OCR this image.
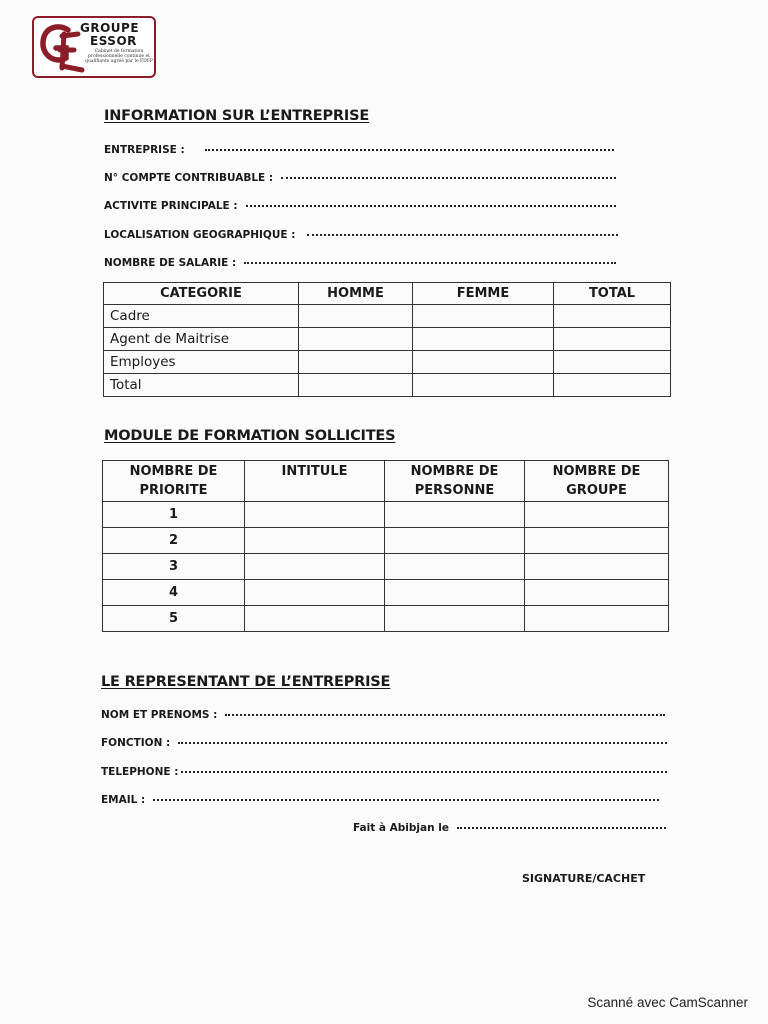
GROUPE
ESSOR
Cabinet de formation professionnelle continue et qualifiante agréé par le FDFP
INFORMATION SUR L’ENTREPRISE
ENTREPRISE :
N° COMPTE CONTRIBUABLE :
ACTIVITE PRINCIPALE :
LOCALISATION GEOGRAPHIQUE :
NOMBRE DE SALARIE :
CATEGORIE	HOMME	FEMME	TOTAL
Cadre			
Agent de Maitrise			
Employes			
Total			
MODULE DE FORMATION SOLLICITES
NOMBRE DE PRIORITE	INTITULE	NOMBRE DE PERSONNE	NOMBRE DE GROUPE
1			
2			
3			
4			
5			
LE REPRESENTANT DE L’ENTREPRISE
NOM ET PRENOMS :
FONCTION :
TELEPHONE :
EMAIL :
Fait à Abibjan le
SIGNATURE/CACHET
Scanné avec CamScanner
